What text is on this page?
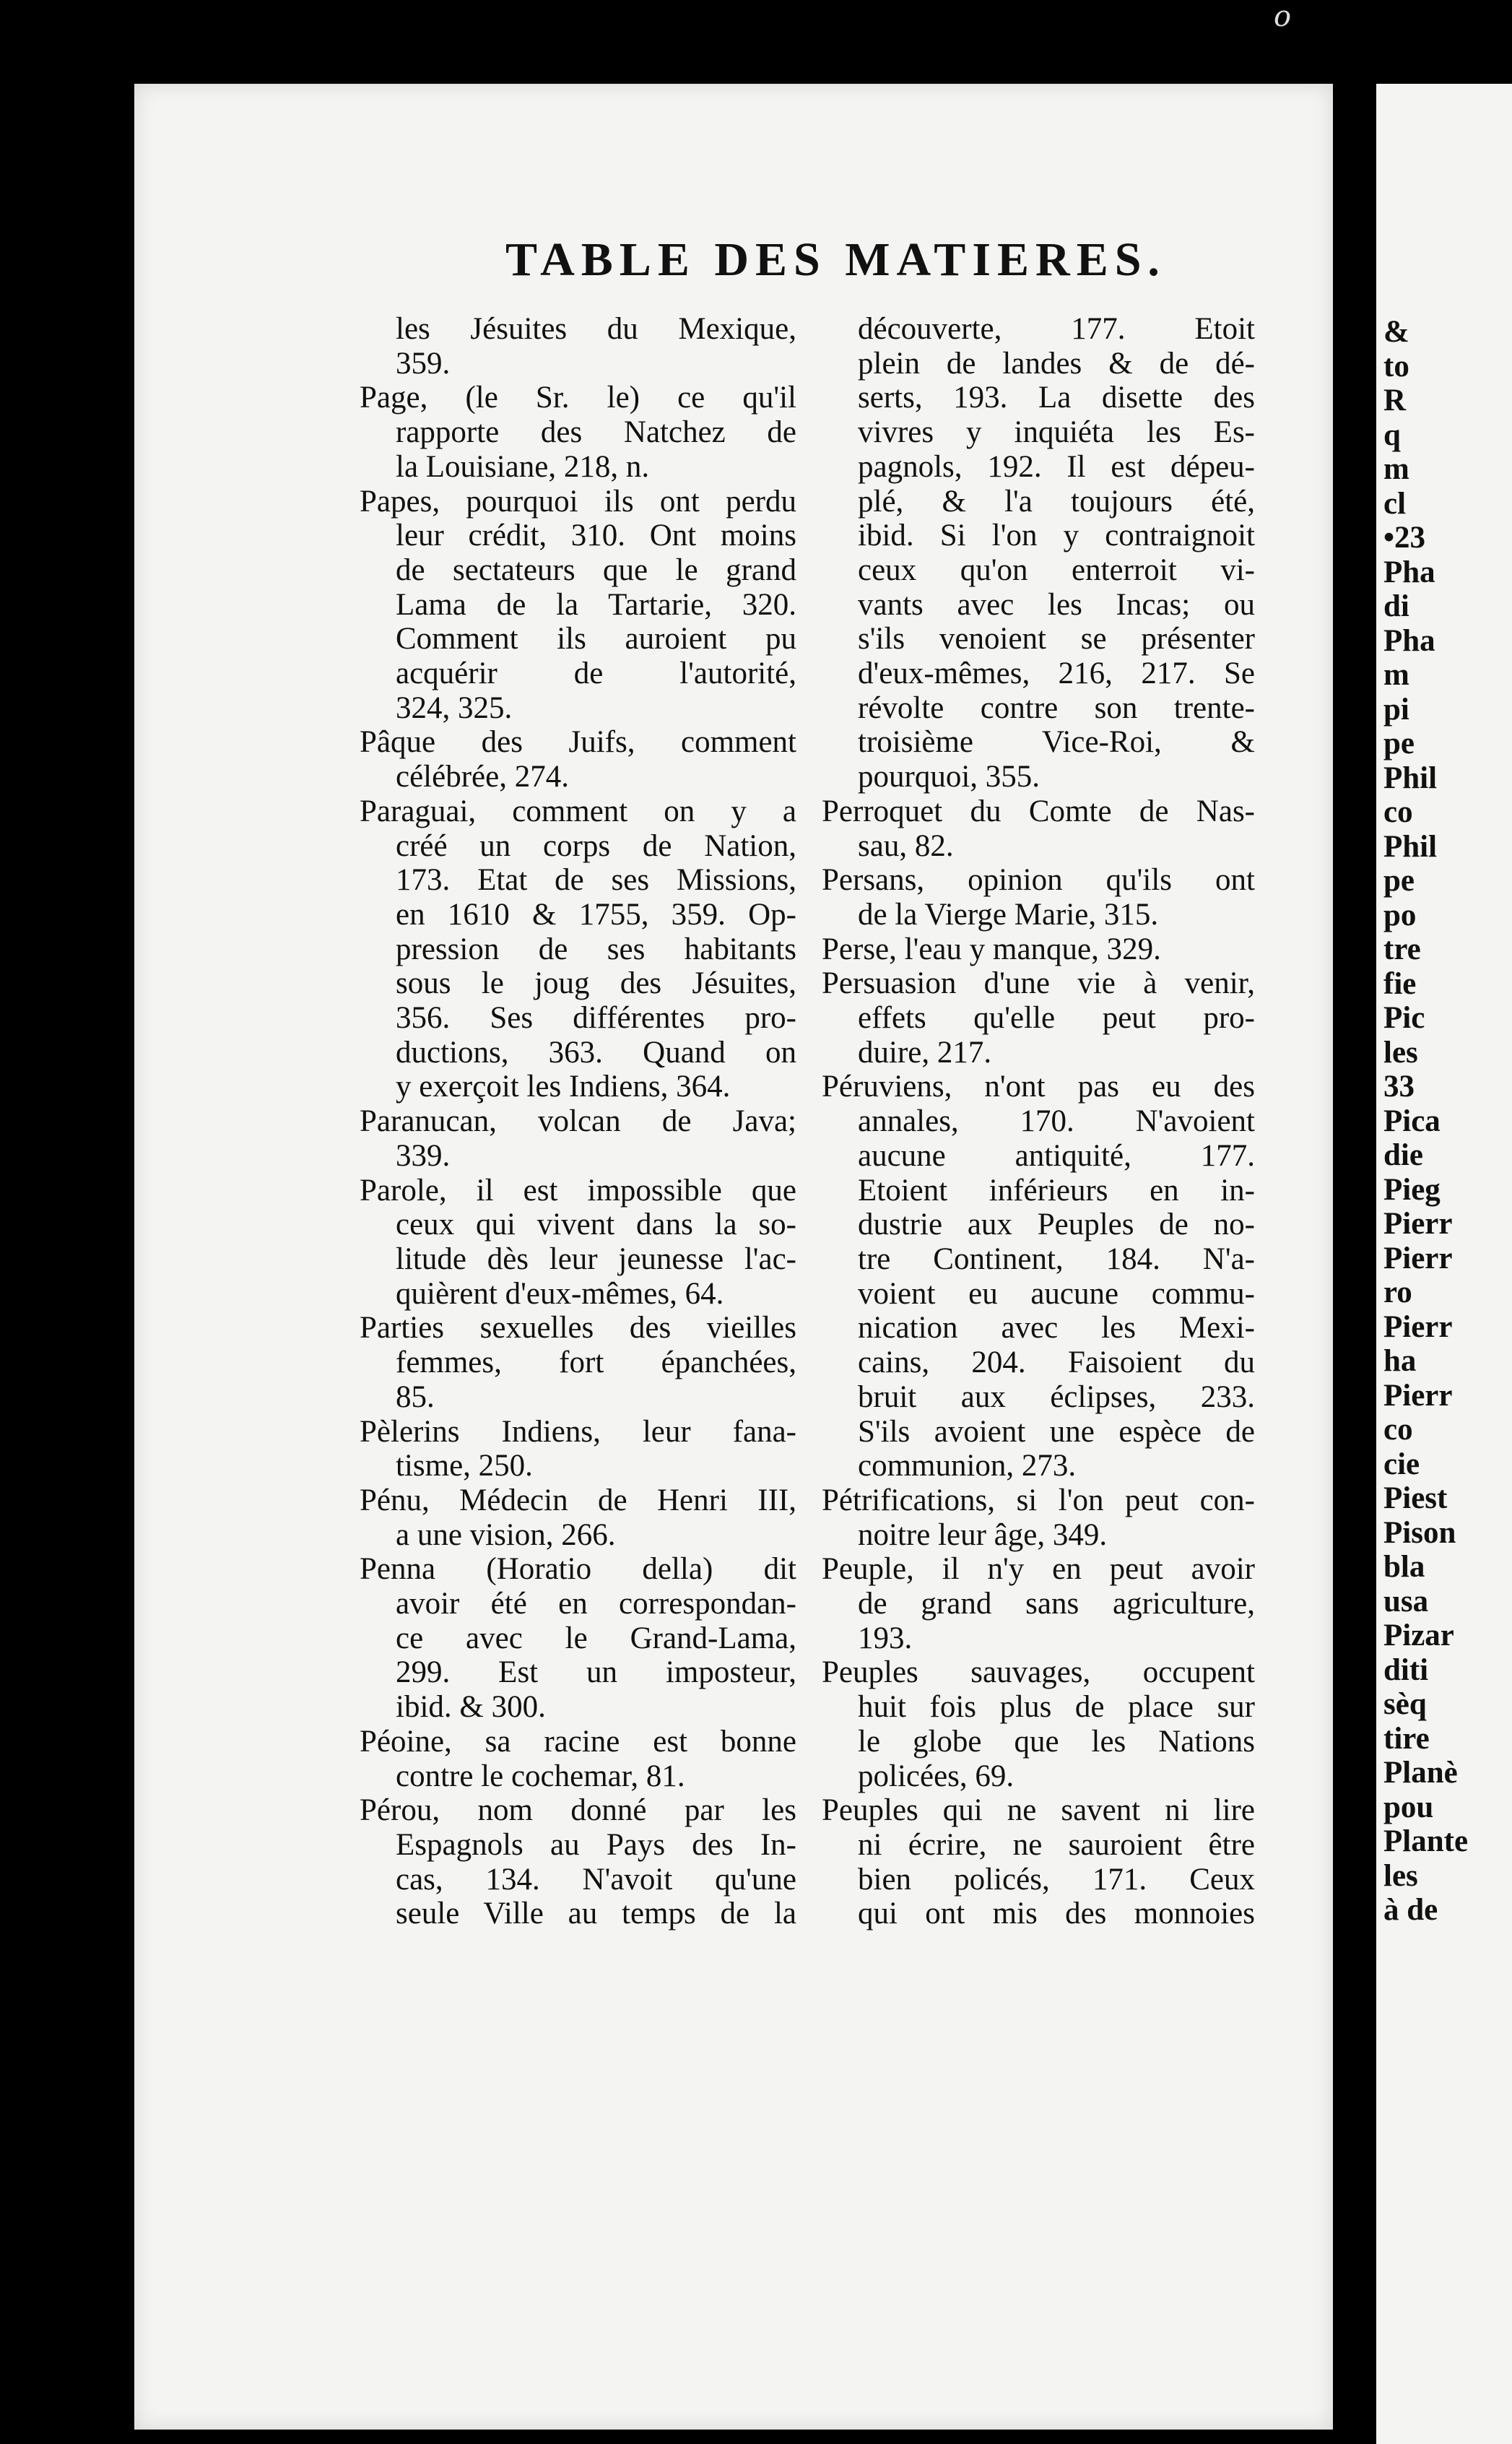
o
&
to
R
q
m
cl
•23
Pha
di
Pha
m
pi
pe
Phil
co
Phil
pe
po
tre
fie
Pic
les
33
Pica
die
Pieg
Pierr
Pierr
ro
Pierr
ha
Pierr
co
cie
Piest
Pison
bla
usa
Pizar
diti
sèq
tire
Planè
pou
Plante
les
à de
TABLE DES MATIERES.
les Jésuites du Mexique,
359.
Page, (le Sr. le) ce qu'il
rapporte des Natchez de
la Louisiane, 218, n.
Papes, pourquoi ils ont perdu
leur crédit, 310. Ont moins
de sectateurs que le grand
Lama de la Tartarie, 320.
Comment ils auroient pu
acquérir de l'autorité,
324, 325.
Pâque des Juifs, comment
célébrée, 274.
Paraguai, comment on y a
créé un corps de Nation,
173. Etat de ses Missions,
en 1610 & 1755, 359. Op-
pression de ses habitants
sous le joug des Jésuites,
356. Ses différentes pro-
ductions, 363. Quand on
y exerçoit les Indiens, 364.
Paranucan, volcan de Java;
339.
Parole, il est impossible que
ceux qui vivent dans la so-
litude dès leur jeunesse l'ac-
quièrent d'eux-mêmes, 64.
Parties sexuelles des vieilles
femmes, fort épanchées,
85.
Pèlerins Indiens, leur fana-
tisme, 250.
Pénu, Médecin de Henri III,
a une vision, 266.
Penna (Horatio della) dit
avoir été en correspondan-
ce avec le Grand-Lama,
299. Est un imposteur,
ibid. & 300.
Péoine, sa racine est bonne
contre le cochemar, 81.
Pérou, nom donné par les
Espagnols au Pays des In-
cas, 134. N'avoit qu'une
seule Ville au temps de la
découverte, 177. Etoit
plein de landes & de dé-
serts, 193. La disette des
vivres y inquiéta les Es-
pagnols, 192. Il est dépeu-
plé, & l'a toujours été,
ibid. Si l'on y contraignoit
ceux qu'on enterroit vi-
vants avec les Incas; ou
s'ils venoient se présenter
d'eux-mêmes, 216, 217. Se
révolte contre son trente-
troisième Vice-Roi, &
pourquoi, 355.
Perroquet du Comte de Nas-
sau, 82.
Persans, opinion qu'ils ont
de la Vierge Marie, 315.
Perse, l'eau y manque, 329.
Persuasion d'une vie à venir,
effets qu'elle peut pro-
duire, 217.
Péruviens, n'ont pas eu des
annales, 170. N'avoient
aucune antiquité, 177.
Etoient inférieurs en in-
dustrie aux Peuples de no-
tre Continent, 184. N'a-
voient eu aucune commu-
nication avec les Mexi-
cains, 204. Faisoient du
bruit aux éclipses, 233.
S'ils avoient une espèce de
communion, 273.
Pétrifications, si l'on peut con-
noitre leur âge, 349.
Peuple, il n'y en peut avoir
de grand sans agriculture,
193.
Peuples sauvages, occupent
huit fois plus de place sur
le globe que les Nations
policées, 69.
Peuples qui ne savent ni lire
ni écrire, ne sauroient être
bien policés, 171. Ceux
qui ont mis des monnoies
